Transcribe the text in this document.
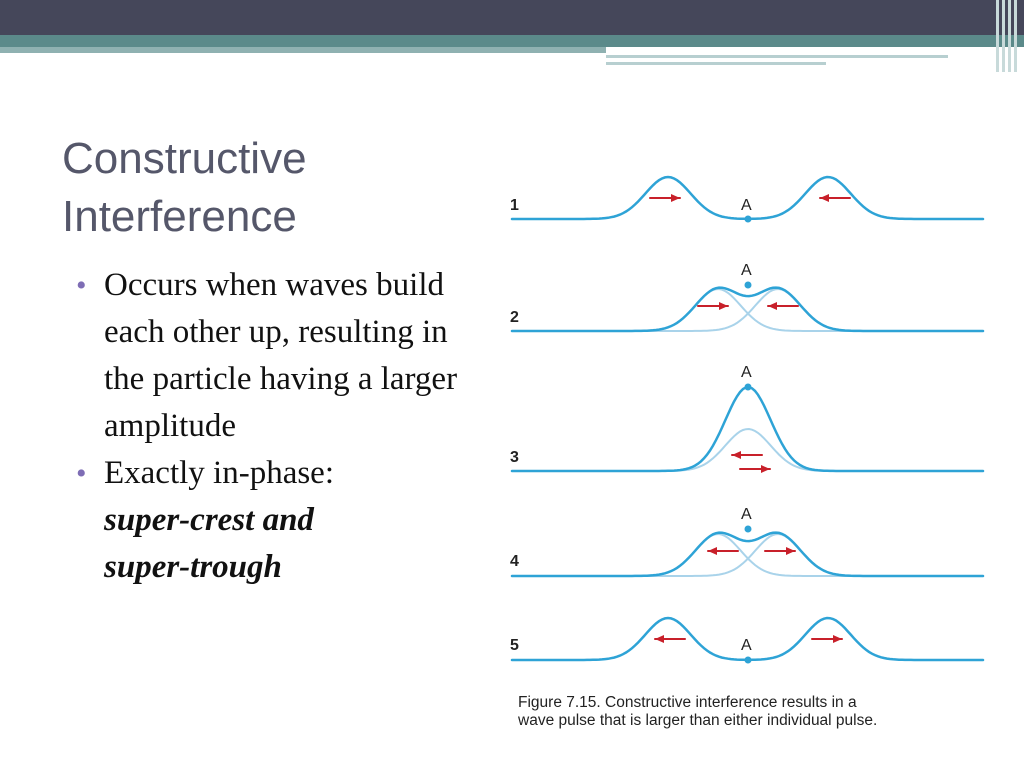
Constructive
Interference
• Occurs when waves build each other up, resulting in the particle having a larger amplitude
• Exactly in-phase:
super-crest and
super-trough
A
1
A
2
A
3
A
4
A
5
Figure 7.15. Constructive interference results in a
wave pulse that is larger than either individual pulse.
